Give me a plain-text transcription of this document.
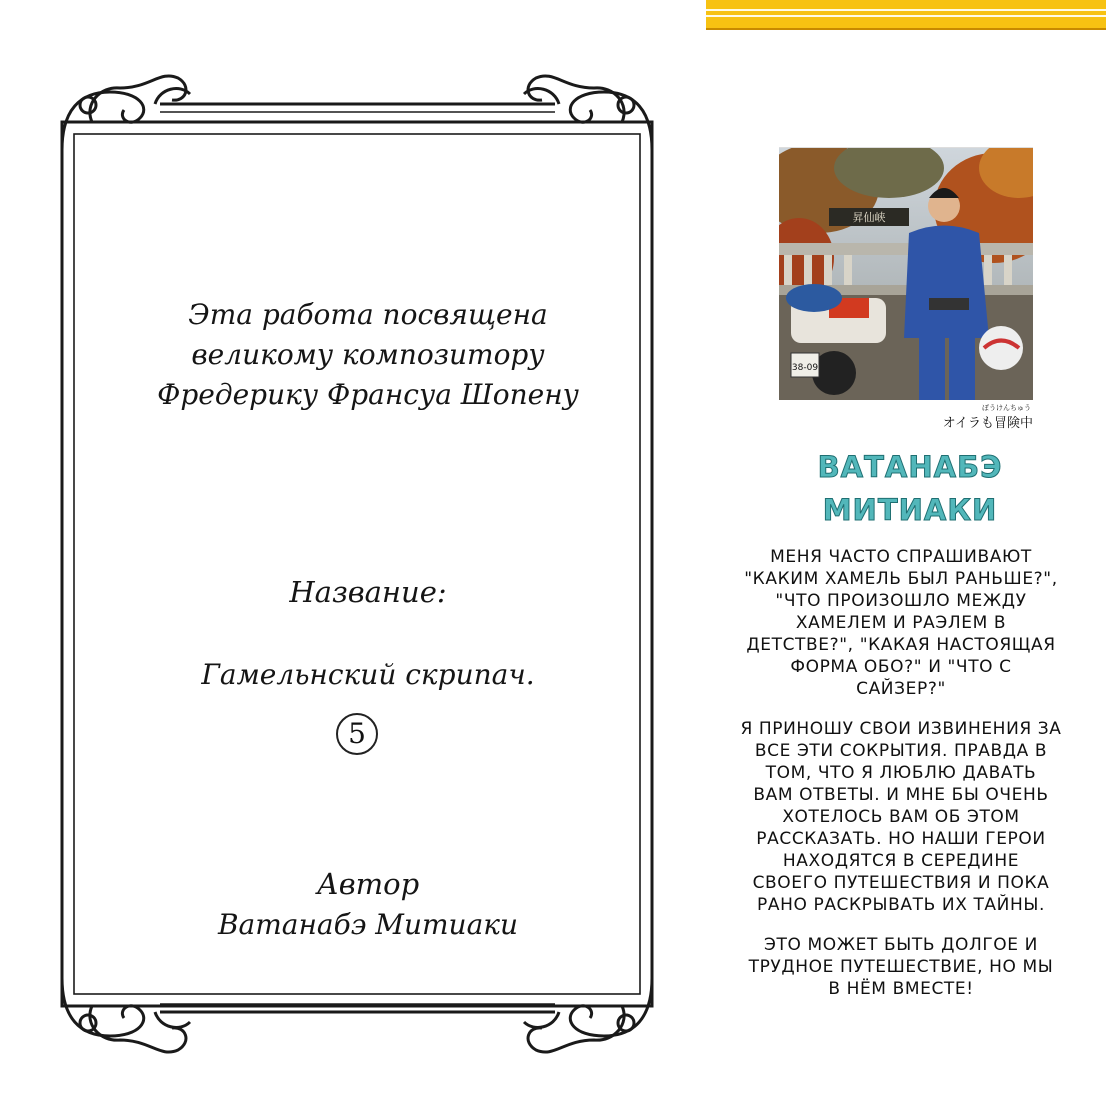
Эта работа посвящена
великому композитору
Фредерику Франсуа Шопену
Название:
Гамельнский скрипач.
5
Автор
Ватанабэ Митиаки
昇仙峡
38-09
ぼうけんちゅう
オイラも冒険中
ВАТАНАБЭ
МИТИАКИ
МЕНЯ ЧАСТО СПРАШИВАЮТ
"КАКИМ ХАМЕЛЬ БЫЛ РАНЬШЕ?",
"ЧТО ПРОИЗОШЛО МЕЖДУ
ХАМЕЛЕМ И РАЭЛЕМ В
ДЕТСТВЕ?", "КАКАЯ НАСТОЯЩАЯ
ФОРМА ОБО?" И "ЧТО С
САЙЗЕР?"
Я ПРИНОШУ СВОИ ИЗВИНЕНИЯ ЗА
ВСЕ ЭТИ СОКРЫТИЯ. ПРАВДА В
ТОМ, ЧТО Я ЛЮБЛЮ ДАВАТЬ
ВАМ ОТВЕТЫ. И МНЕ БЫ ОЧЕНЬ
ХОТЕЛОСЬ ВАМ ОБ ЭТОМ
РАССКАЗАТЬ. НО НАШИ ГЕРОИ
НАХОДЯТСЯ В СЕРЕДИНЕ
СВОЕГО ПУТЕШЕСТВИЯ И ПОКА
РАНО РАСКРЫВАТЬ ИХ ТАЙНЫ.
ЭТО МОЖЕТ БЫТЬ ДОЛГОЕ И
ТРУДНОЕ ПУТЕШЕСТВИЕ, НО МЫ
В НЁМ ВМЕСТЕ!
